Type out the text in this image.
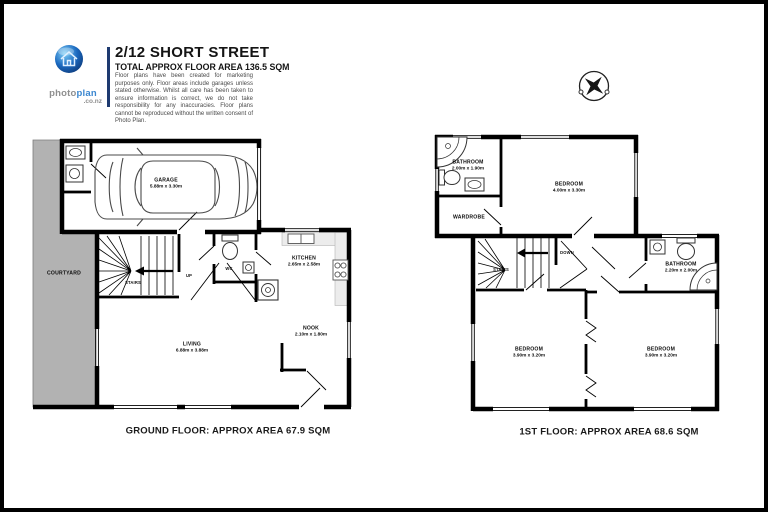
photoplan
.co.nz
2/12 SHORT STREET
TOTAL APPROX FLOOR AREA 136.5 SQM
Floor plans have been created for marketing purposes only. Floor areas include garages unless stated otherwise. Whilst all care has been taken to ensure information is correct, we do not take responsibility for any inaccuracies. Floor plans cannot be reproduced without the written consent of Photo Plan.
GARAGE
5.88m x 3.30m
COURTYARD
STAIRS
UP
WC
KITCHEN
2.65m x 2.58m
LIVING
6.88m x 3.88m
NOOK
2.10m x 1.80m
BATHROOM
2.00m x 1.90m
WARDROBE
BEDROOM
4.00m x 3.30m
STAIRS
DOWN
BATHROOM
2.20m x 2.00m
BEDROOM
3.90m x 3.20m
BEDROOM
3.90m x 3.20m
GROUND FLOOR: APPROX AREA 67.9 SQM	1ST FLOOR: APPROX AREA 68.6 SQM
